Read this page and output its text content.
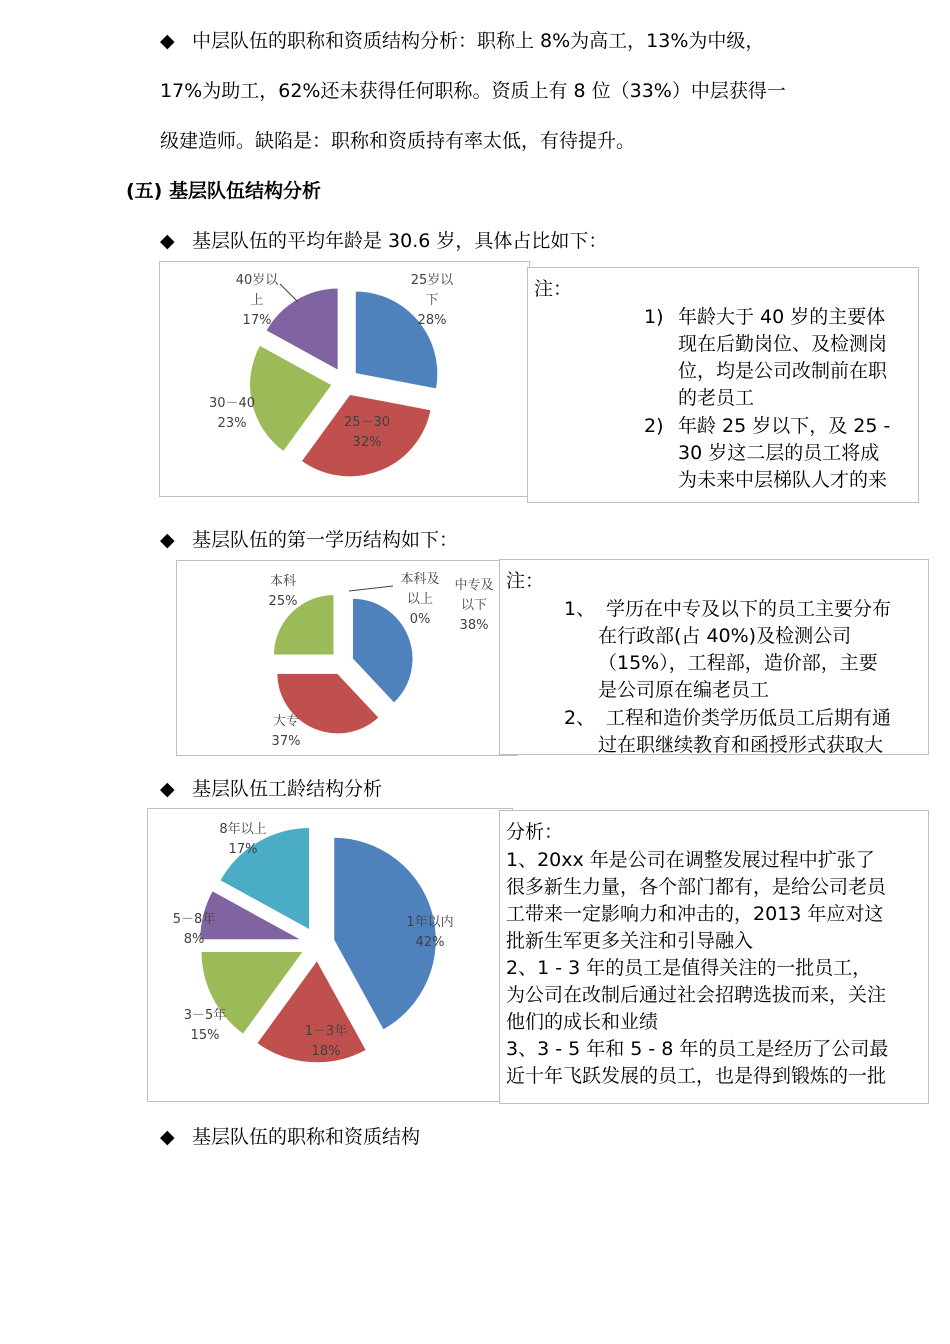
◆ 中层队伍的职称和资质结构分析：职称上 8%为高工，13%为中级，
17%为助工，62%还未获得任何职称。资质上有 8 位（33%）中层获得一
级建造师。缺陷是：职称和资质持有率太低，有待提升。
(五) 基层队伍结构分析
◆ 基层队伍的平均年龄是 30.6 岁，具体占比如下：
25岁以
下
28%
25－30
32%
30－40
23%
40岁以
上
17%
注：
1) 年龄大于 40 岁的主要体
现在后勤岗位、及检测岗
位，均是公司改制前在职
的老员工
2) 年龄 25 岁以下，及 25 -
30 岁这二层的员工将成
为未来中层梯队人才的来
◆ 基层队伍的第一学历结构如下：
中专及
以下
38%
大专
37%
本科
25%
本科及
以上
0%
注：
1、 学历在中专及以下的员工主要分布
在行政部(占 40%)及检测公司
（15%），工程部，造价部，主要
是公司原在编老员工
2、 工程和造价类学历低员工后期有通
过在职继续教育和函授形式获取大
◆ 基层队伍工龄结构分析
1年以内
42%
1－3年
18%
3－5年
15%
5－8年
8%
8年以上
17%
分析：
1、20xx 年是公司在调整发展过程中扩张了
很多新生力量，各个部门都有，是给公司老员
工带来一定影响力和冲击的，2013 年应对这
批新生军更多关注和引导融入
2、1 - 3 年的员工是值得关注的一批员工，
为公司在改制后通过社会招聘选拔而来，关注
他们的成长和业绩
3、3 - 5 年和 5 - 8 年的员工是经历了公司最
近十年飞跃发展的员工，也是得到锻炼的一批
◆ 基层队伍的职称和资质结构
